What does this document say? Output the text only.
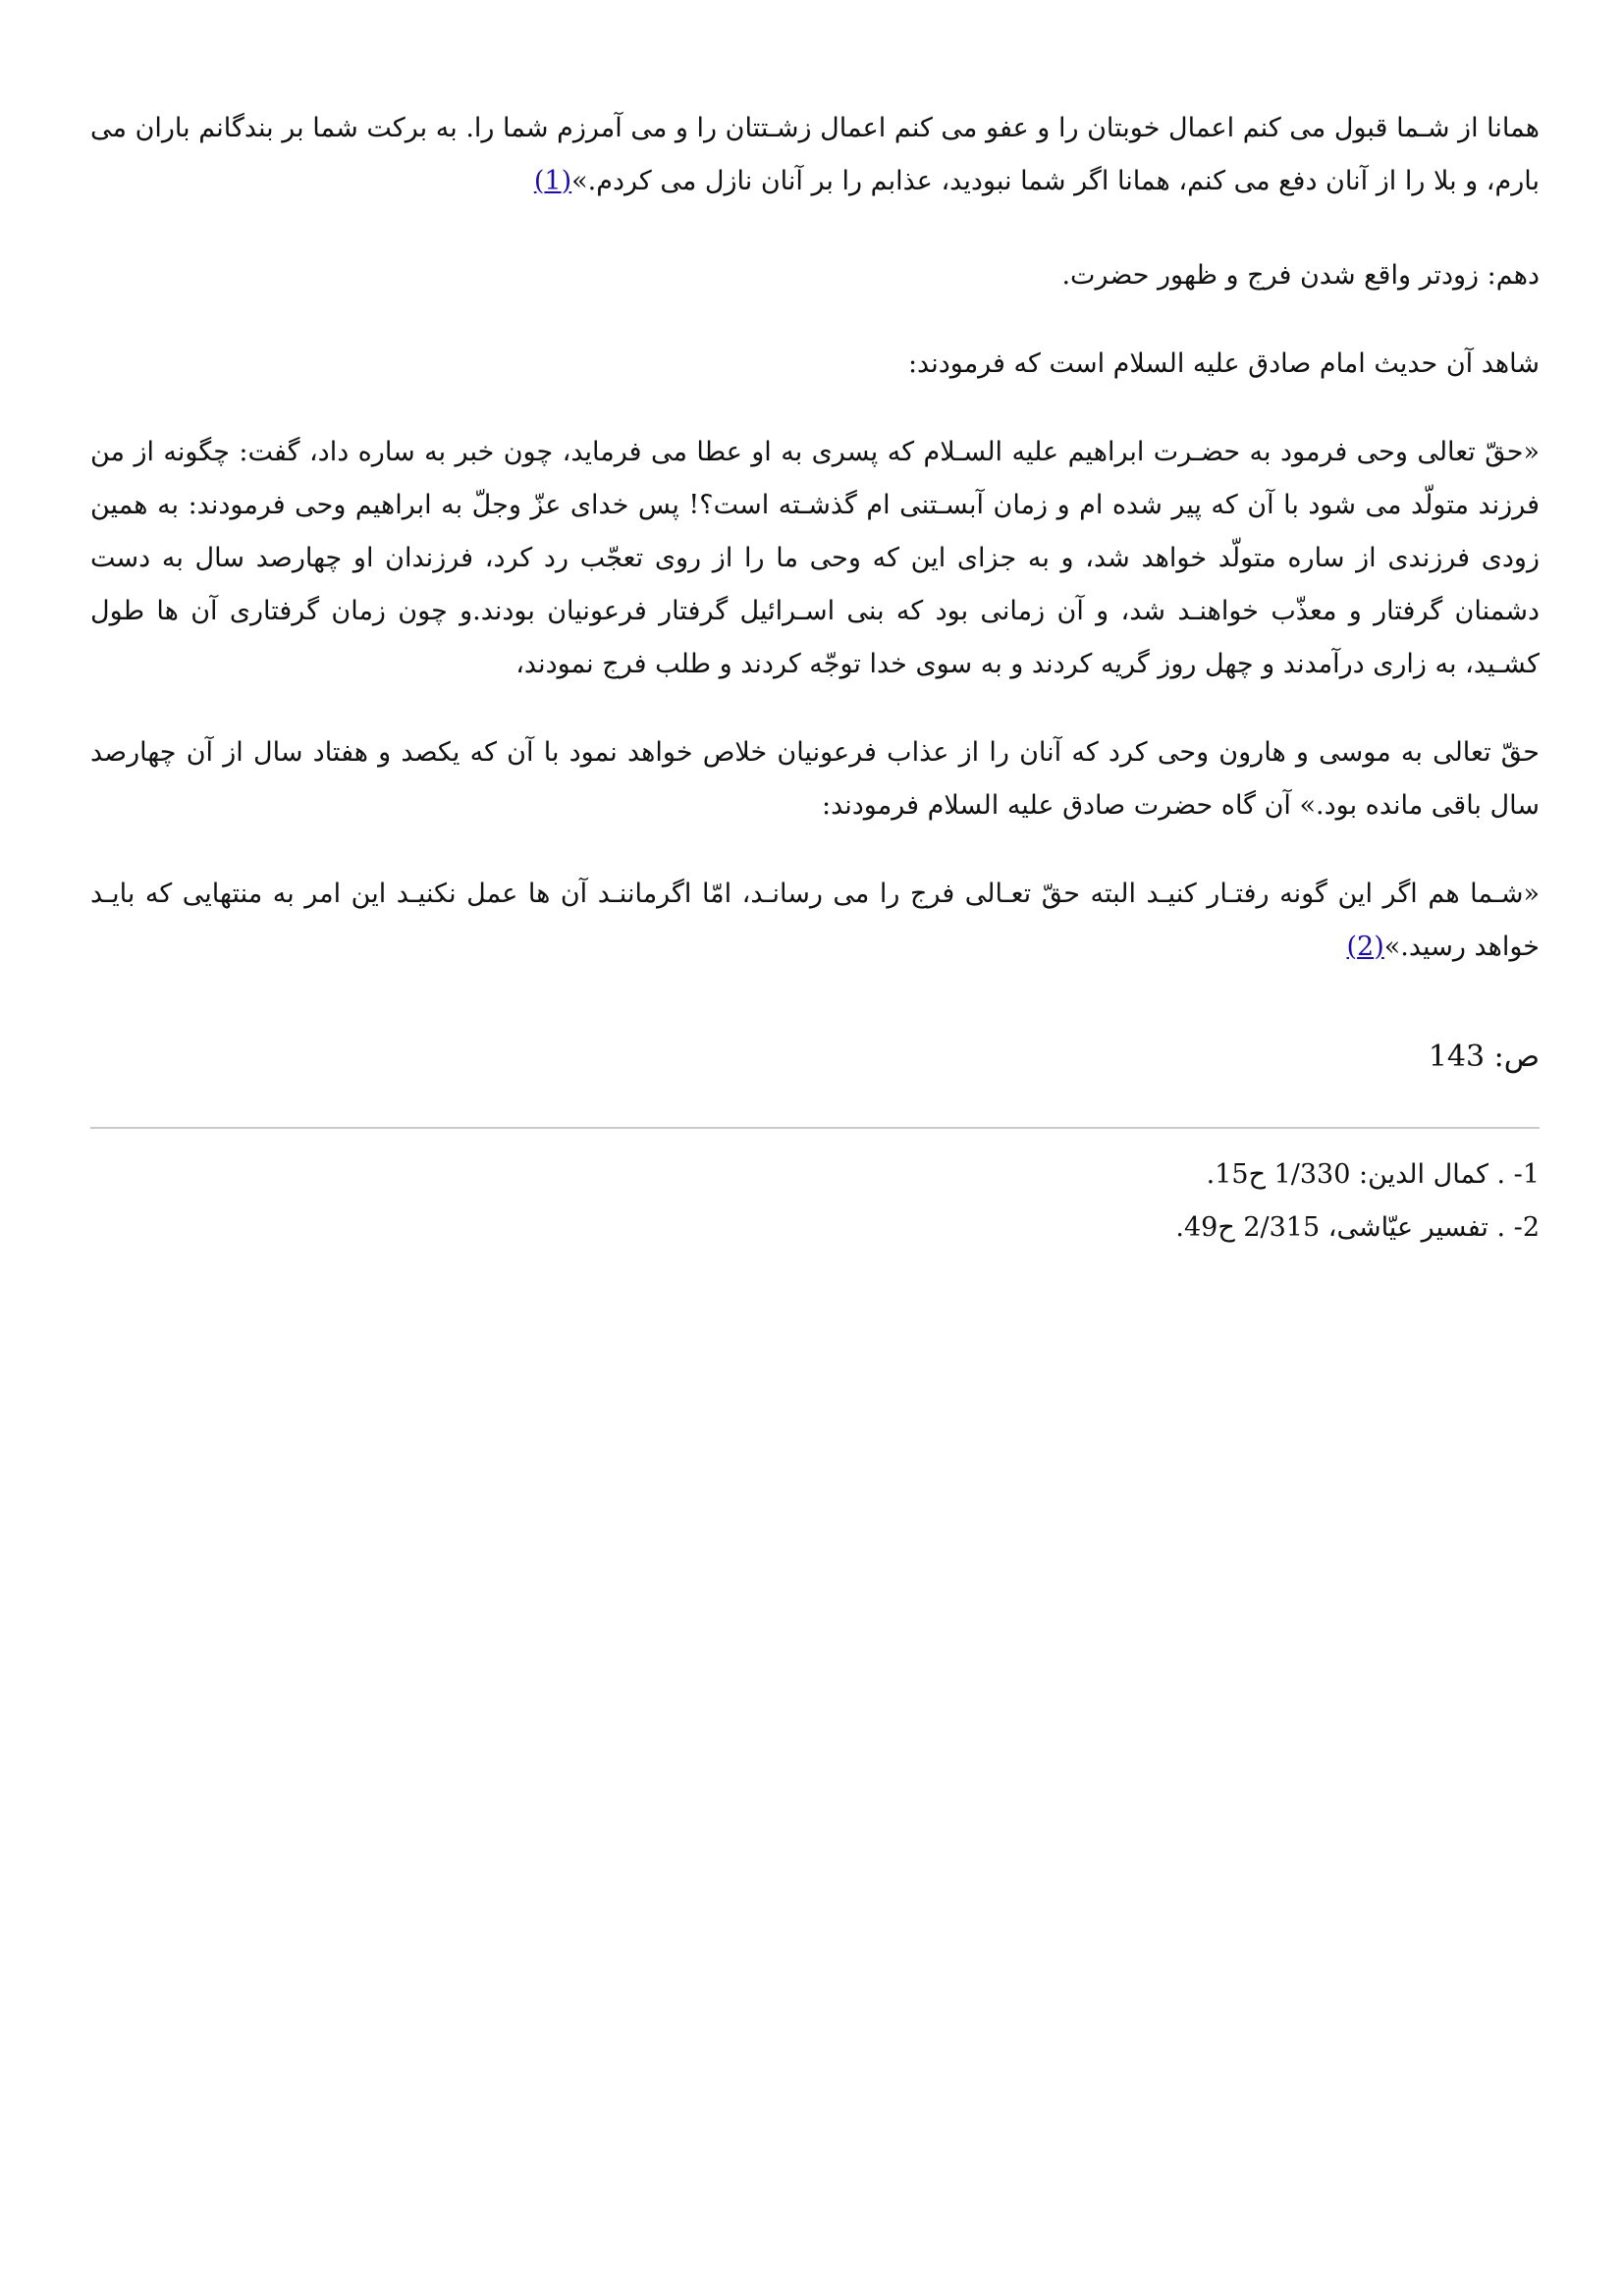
همانا از شـما قبول می کنم اعمال خوبتان را و عفو می کنم اعمال زشـتتان را و می آمرزم شما را. به برکت شما بر بندگانم باران می بارم، و بلا را از آنان دفع می کنم، همانا اگر شما نبودید، عذابم را بر آنان نازل می کردم.»(1)

دهم: زودتر واقع شدن فرج و ظهور حضرت.

شاهد آن حدیث امام صادق علیه السلام است که فرمودند:

«حقّ تعالی وحی فرمود به حضـرت ابراهیم علیه السـلام که پسری به او عطا می فرماید، چون خبر به ساره داد، گفت: چگونه از من فرزند متولّد می شود با آن که پیر شده ام و زمان آبسـتنی ام گذشـته است؟! پس خدای عزّ وجلّ به ابراهیم وحی فرمودند: به همین زودی فرزندی از ساره متولّد خواهد شد، و به جزای این که وحی ما را از روی تعجّب رد کرد، فرزندان او چهارصد سال به دست دشمنان گرفتار و معذّب خواهنـد شد، و آن زمانی بود که بنی اسـرائیل گرفتار فرعونیان بودند.و چون زمان گرفتاری آن ها طول کشـید، به زاری درآمدند و چهل روز گریه کردند و به سوی خدا توجّه کردند و طلب فرج نمودند،

حقّ تعالی به موسی و هارون وحی کرد که آنان را از عذاب فرعونیان خلاص خواهد نمود با آن که یکصد و هفتاد سال از آن چهارصد سال باقی مانده بود.» آن گاه حضرت صادق علیه السلام فرمودند:

«شـما هم اگر این گونه رفتـار کنیـد البته حقّ تعـالی فرج را می رسانـد، امّا اگرماننـد آن ها عمل نکنیـد این امر به منتهایی که بایـد خواهد رسید.»(2)

ص: 143

1- . کمال الدین: 1/330 ح15.

2- . تفسیر عیّاشی، 2/315 ح49.
